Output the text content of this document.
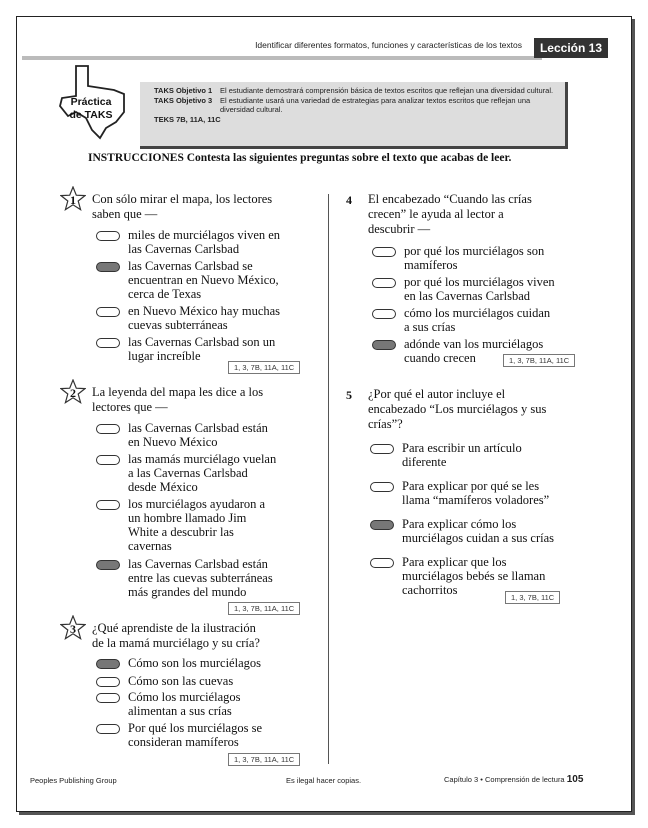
Identificar diferentes formatos, funciones y características de los textos	Lección 13
TAKS Objetivo 1	El estudiante demostrará comprensión básica de textos escritos que reflejan una diversidad cultural.
TAKS Objetivo 3	El estudiante usará una variedad de estrategias para analizar textos escritos que reflejan una diversidad cultural.
TEKS 7B, 11A, 11C
Práctica
de TAKS
INSTRUCCIONES Contesta las siguientes preguntas sobre el texto que acabas de leer.
1 Con sólo mirar el mapa, los lectores
saben que —
miles de murciélagos viven en
las Cavernas Carlsbad
las Cavernas Carlsbad se
encuentran en Nuevo México,
cerca de Texas
en Nuevo México hay muchas
cuevas subterráneas
las Cavernas Carlsbad son un
lugar increíble
1, 3, 7B, 11A, 11C
2 La leyenda del mapa les dice a los
lectores que —
las Cavernas Carlsbad están
en Nuevo México
las mamás murciélago vuelan
a las Cavernas Carlsbad
desde México
los murciélagos ayudaron a
un hombre llamado Jim
White a descubrir las
cavernas
las Cavernas Carlsbad están
entre las cuevas subterráneas
más grandes del mundo
1, 3, 7B, 11A, 11C
3 ¿Qué aprendiste de la ilustración
de la mamá murciélago y su cría?
Cómo son los murciélagos
Cómo son las cuevas
Cómo los murciélagos
alimentan a sus crías
Por qué los murciélagos se
consideran mamíferos
1, 3, 7B, 11A, 11C
4 El encabezado “Cuando las crías
crecen” le ayuda al lector a
descubrir —
por qué los murciélagos son
mamíferos
por qué los murciélagos viven
en las Cavernas Carlsbad
cómo los murciélagos cuidan
a sus crías
adónde van los murciélagos
cuando crecen	1, 3, 7B, 11A, 11C
5 ¿Por qué el autor incluye el
encabezado “Los murciélagos y sus
crías”?
Para escribir un artículo
diferente
Para explicar por qué se les
llama “mamíferos voladores”
Para explicar cómo los
murciélagos cuidan a sus crías
Para explicar que los
murciélagos bebés se llaman
cachorritos
1, 3, 7B, 11C
Peoples Publishing Group	Es ilegal hacer copias.	Capítulo 3 • Comprensión de lectura 105
